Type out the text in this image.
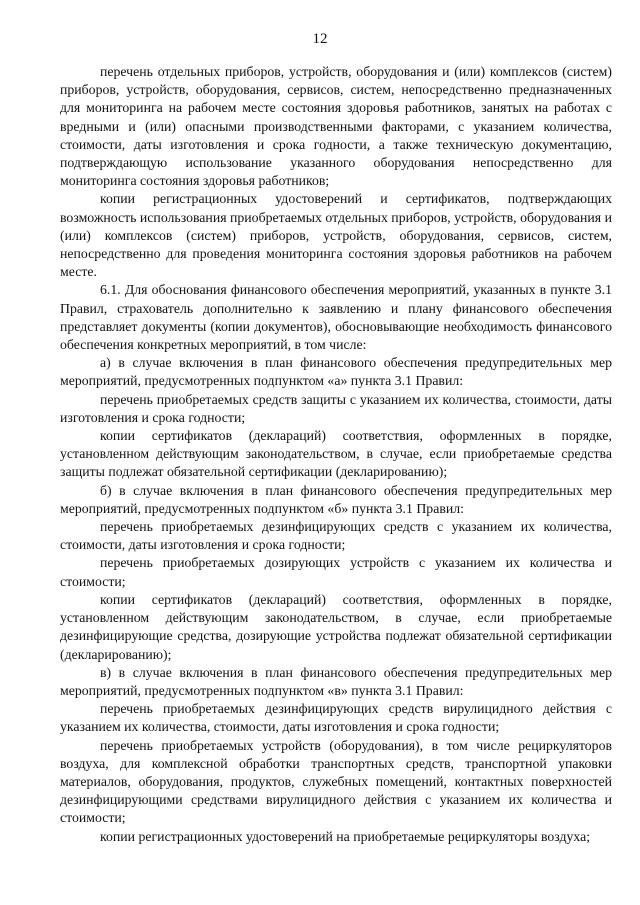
12

перечень отдельных приборов, устройств, оборудования и (или) комплексов (систем) приборов, устройств, оборудования, сервисов, систем, непосредственно предназначенных для мониторинга на рабочем месте состояния здоровья работников, занятых на работах с вредными и (или) опасными производственными факторами, с указанием количества, стоимости, даты изготовления и срока годности, а также техническую документацию, подтверждающую использование указанного оборудования непосредственно для мониторинга состояния здоровья работников;

копии регистрационных удостоверений и сертификатов, подтверждающих возможность использования приобретаемых отдельных приборов, устройств, оборудования и (или) комплексов (систем) приборов, устройств, оборудования, сервисов, систем, непосредственно для проведения мониторинга состояния здоровья работников на рабочем месте.

6.1. Для обоснования финансового обеспечения мероприятий, указанных в пункте 3.1 Правил, страхователь дополнительно к заявлению и плану финансового обеспечения представляет документы (копии документов), обосновывающие необходимость финансового обеспечения конкретных мероприятий, в том числе:

а) в случае включения в план финансового обеспечения предупредительных мер мероприятий, предусмотренных подпунктом «а» пункта 3.1 Правил:

перечень приобретаемых средств защиты с указанием их количества, стоимости, даты изготовления и срока годности;

копии сертификатов (деклараций) соответствия, оформленных в порядке, установленном действующим законодательством, в случае, если приобретаемые средства защиты подлежат обязательной сертификации (декларированию);

б) в случае включения в план финансового обеспечения предупредительных мер мероприятий, предусмотренных подпунктом «б» пункта 3.1 Правил:

перечень приобретаемых дезинфицирующих средств с указанием их количества, стоимости, даты изготовления и срока годности;

перечень приобретаемых дозирующих устройств с указанием их количества и стоимости;

копии сертификатов (деклараций) соответствия, оформленных в порядке, установленном действующим законодательством, в случае, если приобретаемые дезинфицирующие средства, дозирующие устройства подлежат обязательной сертификации (декларированию);

в) в случае включения в план финансового обеспечения предупредительных мер мероприятий, предусмотренных подпунктом «в» пункта 3.1 Правил:

перечень приобретаемых дезинфицирующих средств вирулицидного действия с указанием их количества, стоимости, даты изготовления и срока годности;

перечень приобретаемых устройств (оборудования), в том числе рециркуляторов воздуха, для комплексной обработки транспортных средств, транспортной упаковки материалов, оборудования, продуктов, служебных помещений, контактных поверхностей дезинфицирующими средствами вирулицидного действия с указанием их количества и стоимости;

копии регистрационных удостоверений на приобретаемые рециркуляторы воздуха;
